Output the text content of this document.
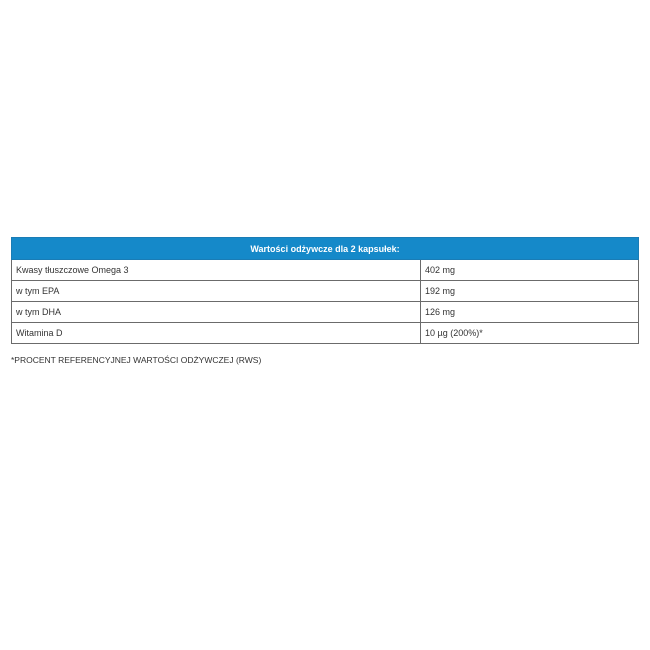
Wartości odżywcze dla 2 kapsułek:	
Kwasy tłuszczowe Omega 3	402 mg
w tym EPA	192 mg
w tym DHA	126 mg
Witamina D	10 µg (200%)*
*PROCENT REFERENCYJNEJ WARTOŚCI ODŻYWCZEJ (RWS)
